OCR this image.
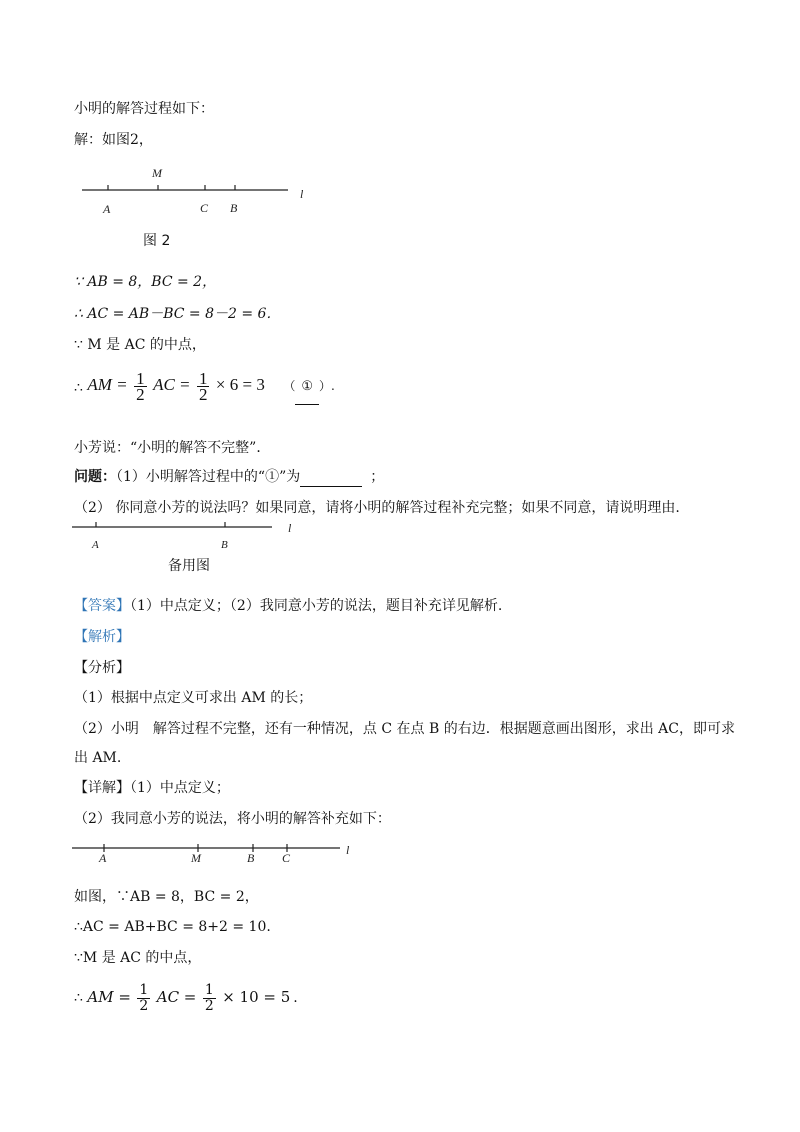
小明的解答过程如下：
解：如图2，
M
A	C B
l
图 2
∵ AB = 8，BC = 2，
∴ AC = AB－BC = 8－2 = 6．
∵ M 是 AC 的中点，
∴ AM = $\frac{1}{2}$ AC = $\frac{1}{2} \times 6 = 3$ （ ① ）.
小芳说：“小明的解答不完整”．
问题：（1）小明解答过程中的“①”为	；
（2） 你同意小芳的说法吗？如果同意，请将小明的解答过程补充完整；如果不同意，请说明理由.
A	B
l
备用图
【答案】（1）中点定义；（2）我同意小芳的说法，题目补充详见解析.
【解析】
【分析】
（1）根据中点定义可求出 AM 的长；
（2）小明　解答过程不完整，还有一种情况，点 C 在点 B 的右边．根据题意画出图形，求出 AC，即可求
出 AM.
【详解】（1）中点定义；
（2）我同意小芳的说法，将小明的解答补充如下：
A	M	B C
l
如图，∵AB = 8，BC = 2，
∴AC = AB+BC = 8+2 = 10.
∵M 是 AC 的中点，
∴ AM = $\frac{1}{2}$ AC = $\frac{1}{2} \times 10 = 5$ .
